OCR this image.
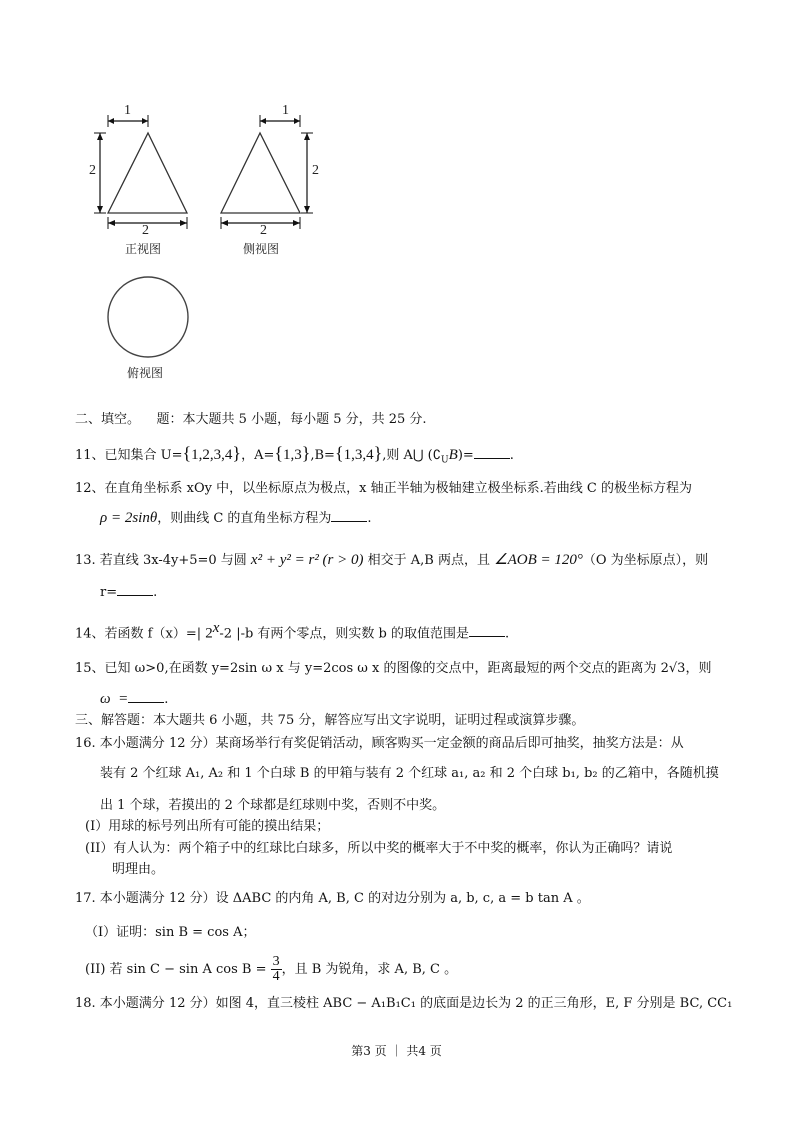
1
2
2
正视图
1
2
2
侧视图
俯视图
二、填空。    题：本大题共 5 小题，每小题 5 分，共 25 分.
11、已知集合 U={1,2,3,4}，A={1,3},B={1,3,4},则 A⋃ $(∁_UB)=$	.
12、在直角坐标系 xOy 中，以坐标原点为极点，x 轴正半轴为极轴建立极坐标系.若曲线 C 的极坐标方程为
ρ = 2sinθ，则曲线 C 的直角坐标方程为	.
13. 若直线 3x-4y+5=0 与圆 x² + y² = r² (r > 0) 相交于 A,B 两点，且 ∠AOB = 120°（O 为坐标原点），则
r=	.
14、若函数 f（x）=| 2$^x$-2 |-b 有两个零点，则实数 b 的取值范围是	.
15、已知 ω>0,在函数 y=2sin ω x 与 y=2cos ω x 的图像的交点中，距离最短的两个交点的距离为 2√3，则
ω  =	.
三、解答题：本大题共 6 小题，共 75 分，解答应写出文字说明，证明过程或演算步骤。
16. 本小题满分 12 分）某商场举行有奖促销活动，顾客购买一定金额的商品后即可抽奖，抽奖方法是：从
装有 2 个红球 A₁, A₂ 和 1 个白球 B 的甲箱与装有 2 个红球 a₁, a₂ 和 2 个白球 b₁, b₂ 的乙箱中，各随机摸
出 1 个球，若摸出的 2 个球都是红球则中奖，否则不中奖。
(I）用球的标号列出所有可能的摸出结果；
(II）有人认为：两个箱子中的红球比白球多，所以中奖的概率大于不中奖的概率，你认为正确吗？请说
明理由。
17. 本小题满分 12 分）设 ΔABC 的内角 A, B, C 的对边分别为 a, b, c, a = b tan A 。
（I）证明：sin B = cos A；
(II) 若 sin C − sin A $\cos B = \frac{3}{4}$ ，且 B 为锐角，求 A, B, C 。
18. 本小题满分 12 分）如图 4，直三棱柱 ABC − A₁B₁C₁ 的底面是边长为 2 的正三角形，E, F 分别是 BC, CC₁
第3 页 ｜ 共4 页
